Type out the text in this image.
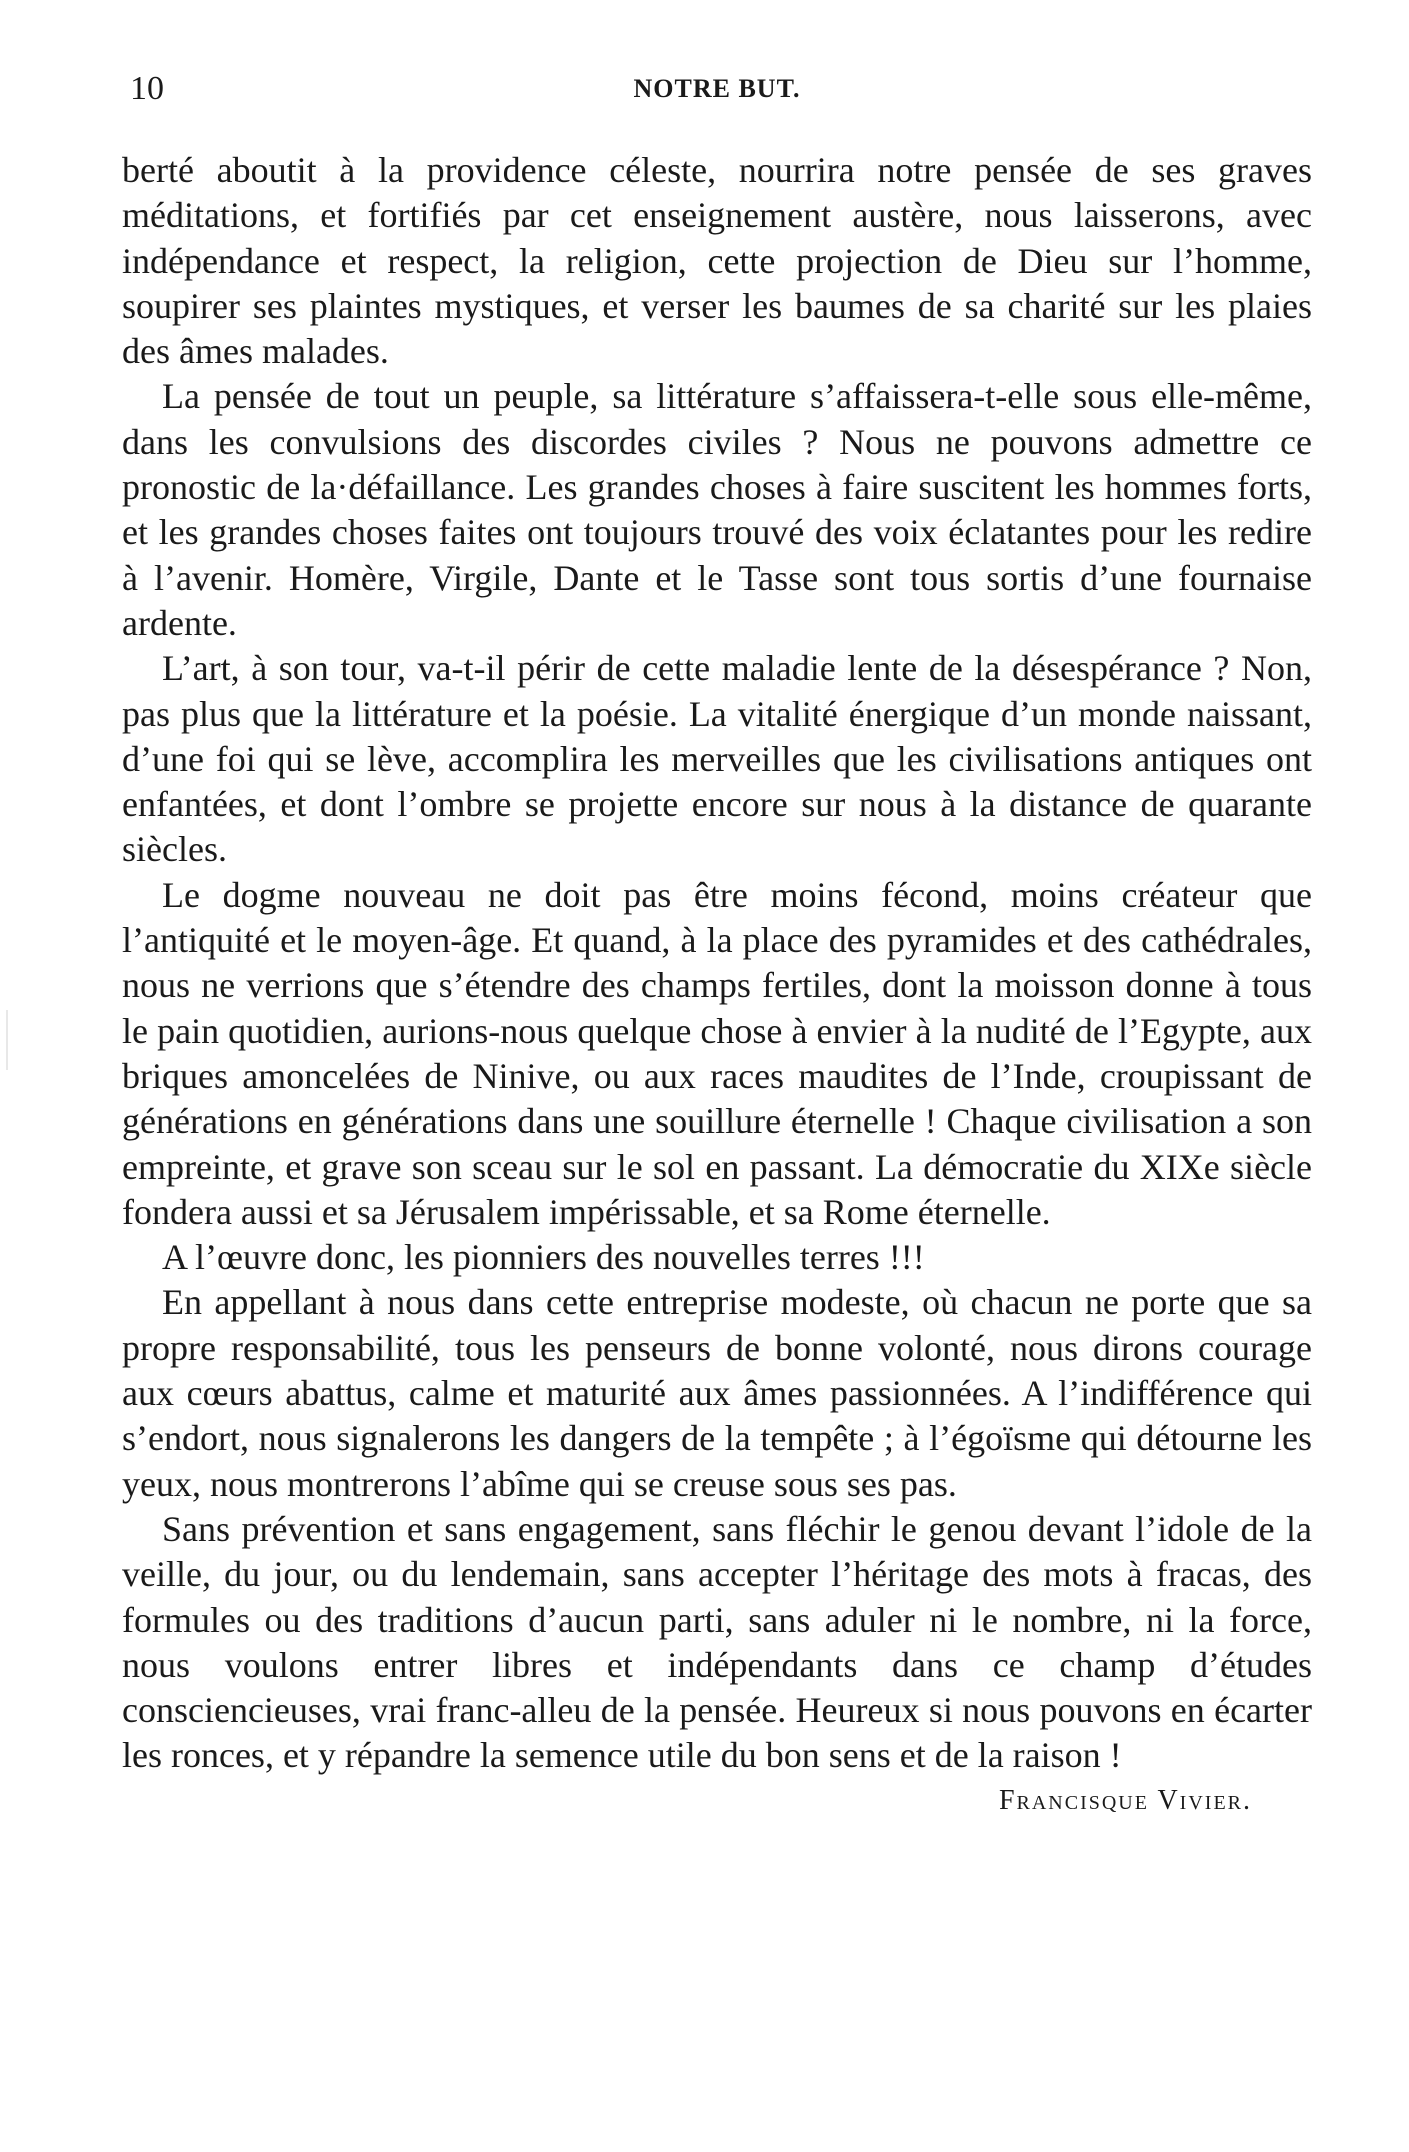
10	NOTRE BUT.

berté aboutit à la providence céleste, nourrira notre pensée de ses graves méditations, et fortifiés par cet enseignement austère, nous laisserons, avec indépendance et respect, la religion, cette projection de Dieu sur l’homme, soupirer ses plaintes mystiques, et verser les baumes de sa charité sur les plaies des âmes malades.

La pensée de tout un peuple, sa littérature s’affaissera-t-elle sous elle-même, dans les convulsions des discordes civiles ? Nous ne pouvons admettre ce pronostic de la·défaillance. Les grandes choses à faire suscitent les hommes forts, et les grandes choses faites ont toujours trouvé des voix éclatantes pour les redire à l’avenir. Homère, Virgile, Dante et le Tasse sont tous sortis d’une fournaise ardente.

L’art, à son tour, va-t-il périr de cette maladie lente de la désespérance ? Non, pas plus que la littérature et la poésie. La vitalité énergique d’un monde naissant, d’une foi qui se lève, accomplira les merveilles que les civilisations antiques ont enfantées, et dont l’ombre se projette encore sur nous à la distance de quarante siècles.

Le dogme nouveau ne doit pas être moins fécond, moins créateur que l’antiquité et le moyen-âge. Et quand, à la place des pyramides et des cathédrales, nous ne verrions que s’étendre des champs fertiles, dont la moisson donne à tous le pain quotidien, aurions-nous quelque chose à envier à la nudité de l’Egypte, aux briques amoncelées de Ninive, ou aux races maudites de l’Inde, croupissant de générations en générations dans une souillure éternelle ! Chaque civilisation a son empreinte, et grave son sceau sur le sol en passant. La démocratie du XIXe siècle fondera aussi et sa Jérusalem impérissable, et sa Rome éternelle.

A l’œuvre donc, les pionniers des nouvelles terres !!!

En appellant à nous dans cette entreprise modeste, où chacun ne porte que sa propre responsabilité, tous les penseurs de bonne volonté, nous dirons courage aux cœurs abattus, calme et maturité aux âmes passionnées. A l’indifférence qui s’endort, nous signalerons les dangers de la tempête ; à l’égoïsme qui détourne les yeux, nous montrerons l’abîme qui se creuse sous ses pas.

Sans prévention et sans engagement, sans fléchir le genou devant l’idole de la veille, du jour, ou du lendemain, sans accepter l’héritage des mots à fracas, des formules ou des traditions d’aucun parti, sans aduler ni le nombre, ni la force, nous voulons entrer libres et indépendants dans ce champ d’études consciencieuses, vrai franc-alleu de la pensée. Heureux si nous pouvons en écarter les ronces, et y répandre la semence utile du bon sens et de la raison !

Francisque Vivier.
